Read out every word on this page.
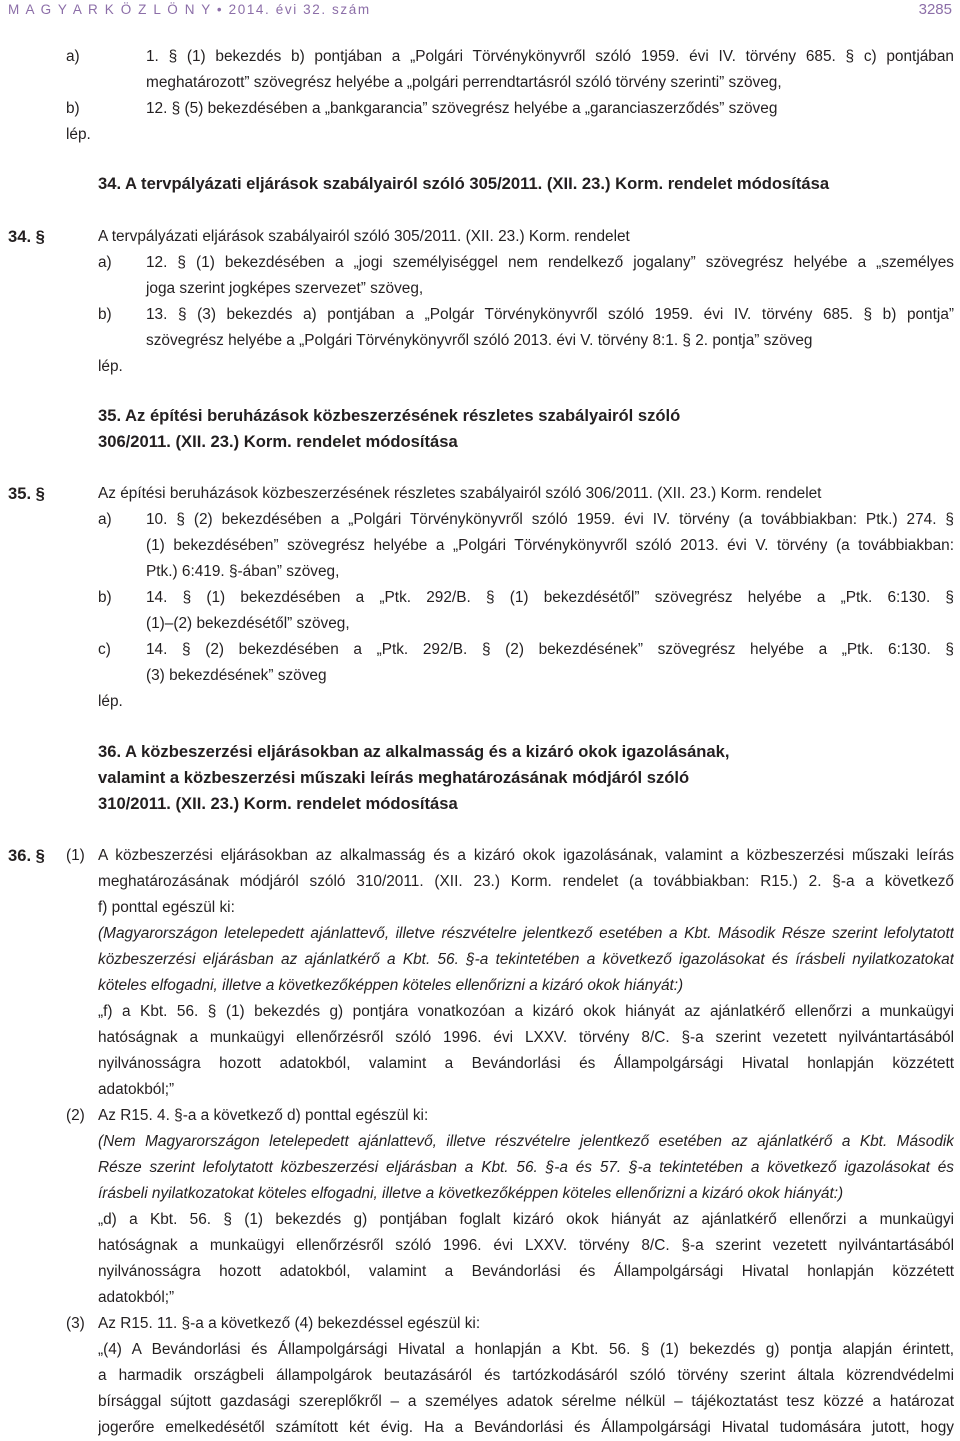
M A G Y A R K Ö Z L Ö N Y • 2014. évi 32. szám	3285
a)	1. § (1) bekezdés b) pontjában a „Polgári Törvénykönyvről szóló 1959. évi IV. törvény 685. § c) pontjában
meghatározott” szövegrész helyébe a „polgári perrendtartásról szóló törvény szerinti” szöveg,
b)	12. § (5) bekezdésében a „bankgarancia” szövegrész helyébe a „garanciaszerződés” szöveg
lép.
A tervpályázati eljárások szabályairól szóló 305/2011. (XII. 23.) Korm. rendelet
a) 12. § (1) bekezdésében a „jogi személyiséggel nem rendelkező jogalany” szövegrész helyébe a „személyes
joga szerint jogképes szervezet” szöveg,
b) 13. § (3) bekezdés a) pontjában a „Polgár Törvénykönyvről szóló 1959. évi IV. törvény 685. § b) pontja”
szövegrész helyébe a „Polgári Törvénykönyvről szóló 2013. évi V. törvény 8:1. § 2. pontja” szöveg
lép.
Az építési beruházások közbeszerzésének részletes szabályairól szóló 306/2011. (XII. 23.) Korm. rendelet
a) 10. § (2) bekezdésében a „Polgári Törvénykönyvről szóló 1959. évi IV. törvény (a továbbiakban: Ptk.) 274. §
(1) bekezdésében” szövegrész helyébe a „Polgári Törvénykönyvről szóló 2013. évi V. törvény (a továbbiakban:
Ptk.) 6:419. §-ában” szöveg,
b) 14. § (1) bekezdésében a „Ptk. 292/B. § (1) bekezdésétől” szövegrész helyébe a „Ptk. 6:130. §
(1)–(2) bekezdésétől” szöveg,
c) 14. § (2) bekezdésében a „Ptk. 292/B. § (2) bekezdésének” szövegrész helyébe a „Ptk. 6:130. §
(3) bekezdésének” szöveg
lép.
(1) A közbeszerzési eljárásokban az alkalmasság és a kizáró okok igazolásának, valamint a közbeszerzési műszaki leírás
meghatározásának módjáról szóló 310/2011. (XII. 23.) Korm. rendelet (a továbbiakban: R15.) 2. §-a a következő
f) ponttal egészül ki:
(Magyarországon letelepedett ajánlattevő, illetve részvételre jelentkező esetében a Kbt. Második Része szerint lefolytatott
közbeszerzési eljárásban az ajánlatkérő a Kbt. 56. §-a tekintetében a következő igazolásokat és írásbeli nyilatkozatokat
köteles elfogadni, illetve a következőképpen köteles ellenőrizni a kizáró okok hiányát:)
„f) a Kbt. 56. § (1) bekezdés g) pontjára vonatkozóan a kizáró okok hiányát az ajánlatkérő ellenőrzi a munkaügyi
hatóságnak a munkaügyi ellenőrzésről szóló 1996. évi LXXV. törvény 8/C. §-a szerint vezetett nyilvántartásából
nyilvánosságra hozott adatokból, valamint a Bevándorlási és Állampolgársági Hivatal honlapján közzétett
adatokból;”
(2) Az R15. 4. §-a a következő d) ponttal egészül ki:
(Nem Magyarországon letelepedett ajánlattevő, illetve részvételre jelentkező esetében az ajánlatkérő a Kbt. Második
Része szerint lefolytatott közbeszerzési eljárásban a Kbt. 56. §-a és 57. §-a tekintetében a következő igazolásokat és
írásbeli nyilatkozatokat köteles elfogadni, illetve a következőképpen köteles ellenőrizni a kizáró okok hiányát:)
„d) a Kbt. 56. § (1) bekezdés g) pontjában foglalt kizáró okok hiányát az ajánlatkérő ellenőrzi a munkaügyi
hatóságnak a munkaügyi ellenőrzésről szóló 1996. évi LXXV. törvény 8/C. §-a szerint vezetett nyilvántartásából
nyilvánosságra hozott adatokból, valamint a Bevándorlási és Állampolgársági Hivatal honlapján közzétett
adatokból;”
(3) Az R15. 11. §-a a következő (4) bekezdéssel egészül ki:
„(4) A Bevándorlási és Állampolgársági Hivatal a honlapján a Kbt. 56. § (1) bekezdés g) pontja alapján érintett,
a harmadik országbeli állampolgárok beutazásáról és tartózkodásáról szóló törvény szerint általa közrendvédelmi
bírsággal sújtott gazdasági szereplőkről – a személyes adatok sérelme nélkül – tájékoztatást tesz közzé a határozat
jogerőre emelkedésétől számított két évig. Ha a Bevándorlási és Állampolgársági Hivatal tudomására jutott, hogy
34. A tervpályázati eljárások szabályairól szóló 305/2011. (XII. 23.) Korm. rendelet módosítása
34. §
35. Az építési beruházások közbeszerzésének részletes szabályairól szóló
306/2011. (XII. 23.) Korm. rendelet módosítása
35. §
36. A közbeszerzési eljárásokban az alkalmasság és a kizáró okok igazolásának,
valamint a közbeszerzési műszaki leírás meghatározásának módjáról szóló
310/2011. (XII. 23.) Korm. rendelet módosítása
36. §
